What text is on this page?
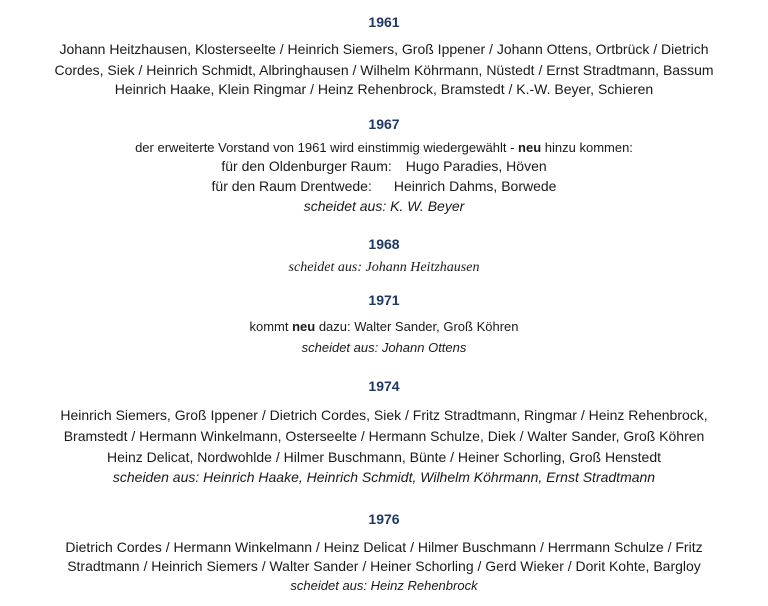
1961
Johann Heitzhausen, Klosterseelte / Heinrich Siemers, Groß Ippener / Johann Ottens, Ortbrück / Dietrich
Cordes, Siek / Heinrich Schmidt, Albringhausen / Wilhelm Köhrmann, Nüstedt / Ernst Stradtmann, Bassum
Heinrich Haake, Klein Ringmar / Heinz Rehenbrock, Bramstedt / K.-W. Beyer, Schieren
1967
der erweiterte Vorstand von 1961 wird einstimmig wiedergewählt - neu hinzu kommen:
für den Oldenburger Raum: Hugo Paradies, Höven
für den Raum Drentwede: Heinrich Dahms, Borwede
scheidet aus: K. W. Beyer
1968
scheidet aus: Johann Heitzhausen
1971
kommt neu dazu: Walter Sander, Groß Köhren
scheidet aus: Johann Ottens
1974
Heinrich Siemers, Groß Ippener / Dietrich Cordes, Siek / Fritz Stradtmann, Ringmar / Heinz Rehenbrock,
Bramstedt / Hermann Winkelmann, Osterseelte / Hermann Schulze, Diek / Walter Sander, Groß Köhren
Heinz Delicat, Nordwohlde / Hilmer Buschmann, Bünte / Heiner Schorling, Groß Henstedt
scheiden aus: Heinrich Haake, Heinrich Schmidt, Wilhelm Köhrmann, Ernst Stradtmann
1976
Dietrich Cordes / Hermann Winkelmann / Heinz Delicat / Hilmer Buschmann / Herrmann Schulze / Fritz
Stradtmann / Heinrich Siemers / Walter Sander / Heiner Schorling / Gerd Wieker / Dorit Kohte, Bargloy
scheidet aus: Heinz Rehenbrock
